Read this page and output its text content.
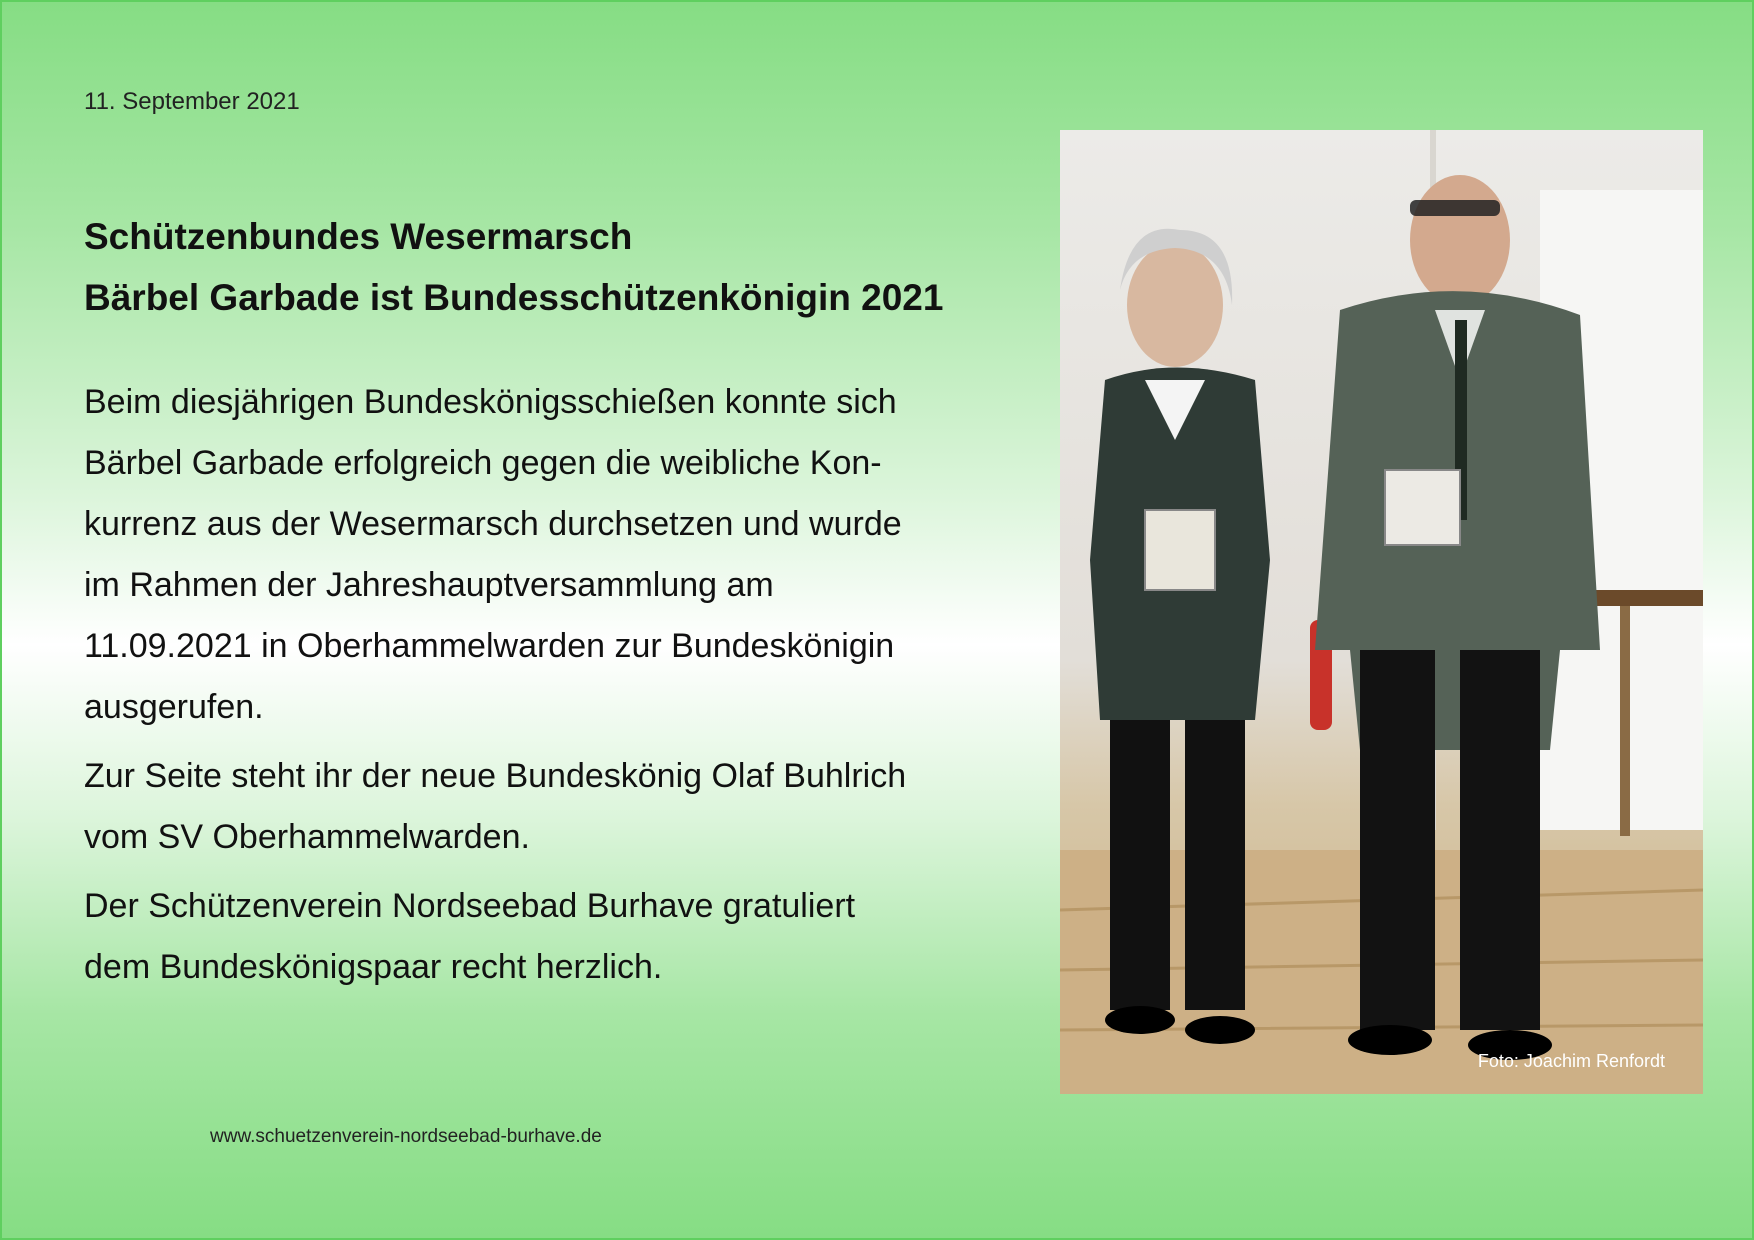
11. September 2021
Schützenbundes Wesermarsch
Bärbel Garbade ist Bundesschützenkönigin 2021

Beim diesjährigen Bundeskönigsschießen konnte sich
Bärbel Garbade erfolgreich gegen die weibliche Kon-
kurrenz aus der Wesermarsch durchsetzen und wurde
im Rahmen der Jahreshauptversammlung am
11.09.2021 in Oberhammelwarden zur Bundeskönigin
ausgerufen.

Zur Seite steht ihr der neue Bundeskönig Olaf Buhlrich
vom SV Oberhammelwarden.

Der Schützenverein Nordseebad Burhave gratuliert
dem Bundeskönigspaar recht herzlich.

Foto: Joachim Renfordt
www.schuetzenverein-nordseebad-burhave.de
